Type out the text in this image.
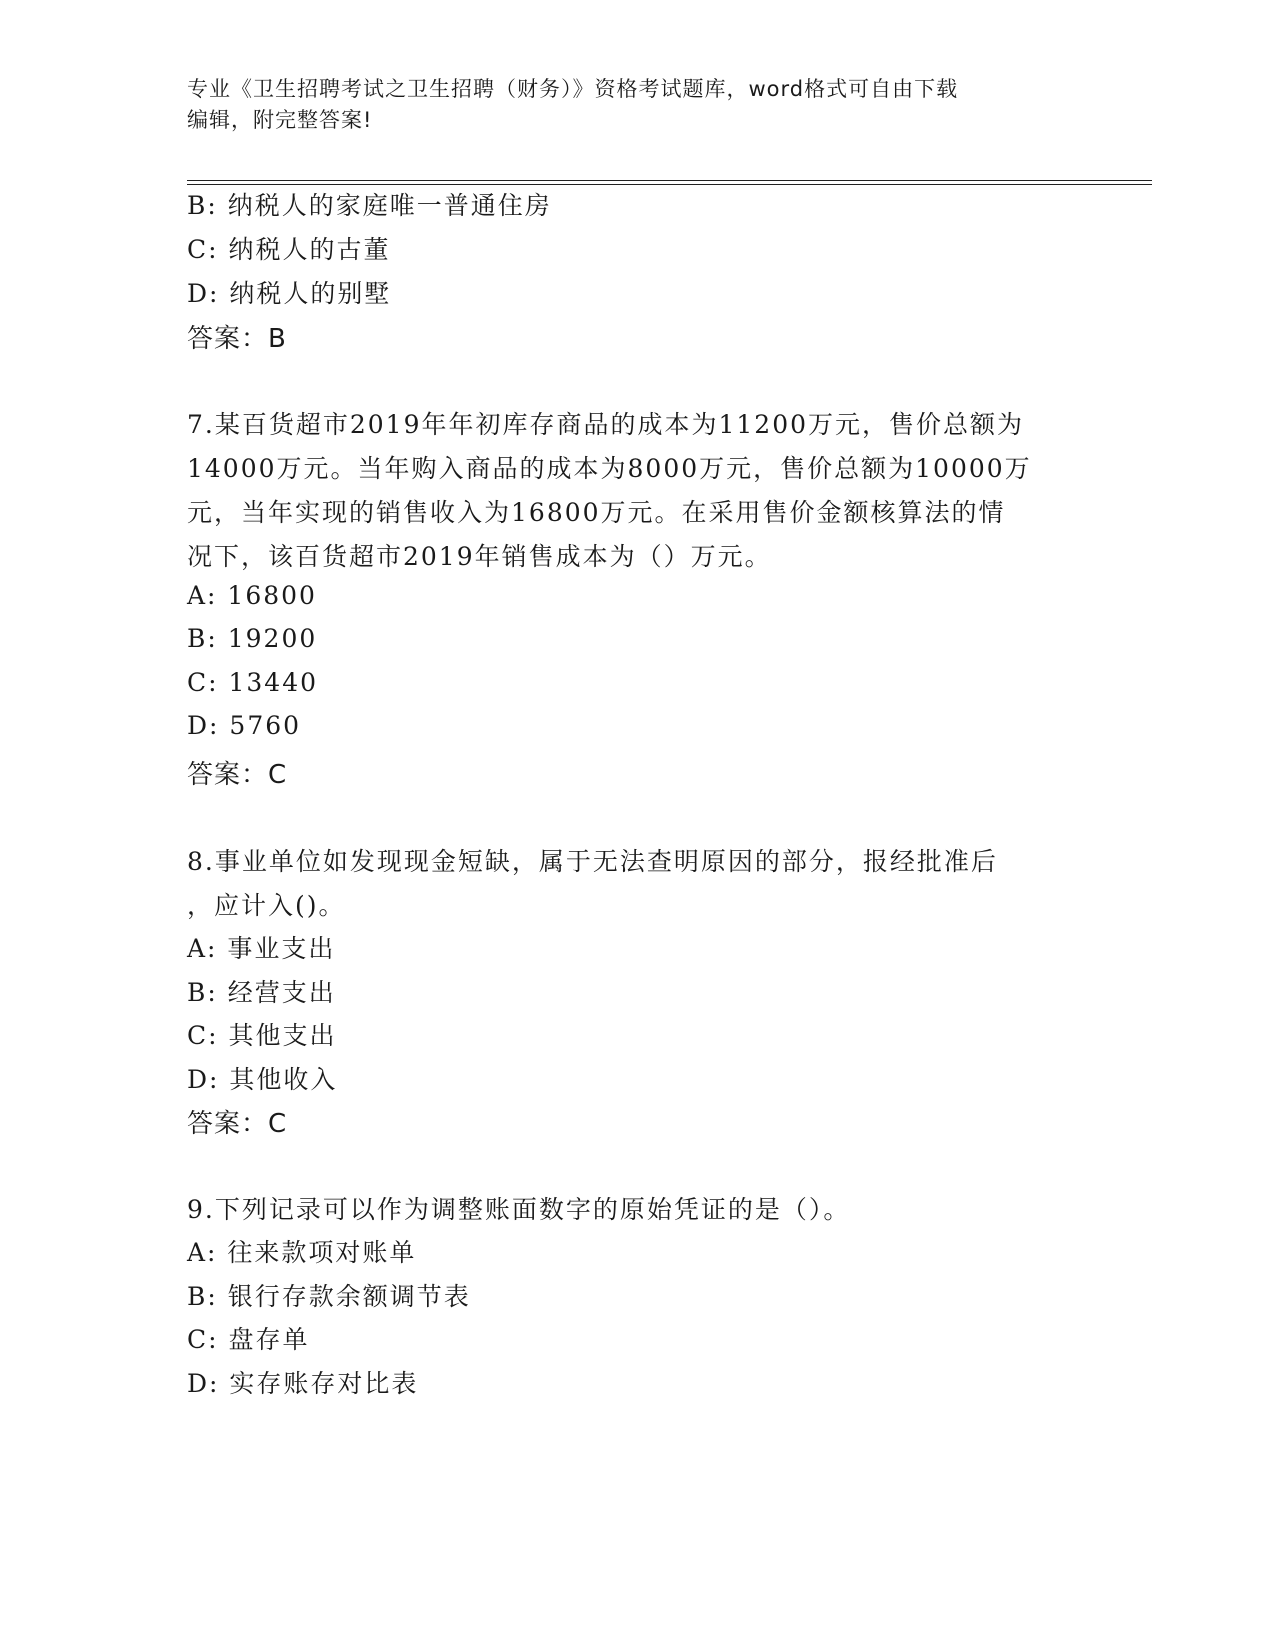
专业《卫生招聘考试之卫生招聘（财务）》资格考试题库，word格式可自由下载
编辑，附完整答案!
B: 纳税人的家庭唯一普通住房
C: 纳税人的古董
D: 纳税人的别墅
答案：B
7.某百货超市2019年年初库存商品的成本为11200万元，售价总额为
14000万元。当年购入商品的成本为8000万元，售价总额为10000万
元，当年实现的销售收入为16800万元。在采用售价金额核算法的情
况下，该百货超市2019年销售成本为（）万元。
A: 16800
B: 19200
C: 13440
D: 5760
答案：C
8.事业单位如发现现金短缺，属于无法查明原因的部分，报经批准后
，应计入()。
A: 事业支出
B: 经营支出
C: 其他支出
D: 其他收入
答案：C
9.下列记录可以作为调整账面数字的原始凭证的是（）。
A: 往来款项对账单
B: 银行存款余额调节表
C: 盘存单
D: 实存账存对比表
